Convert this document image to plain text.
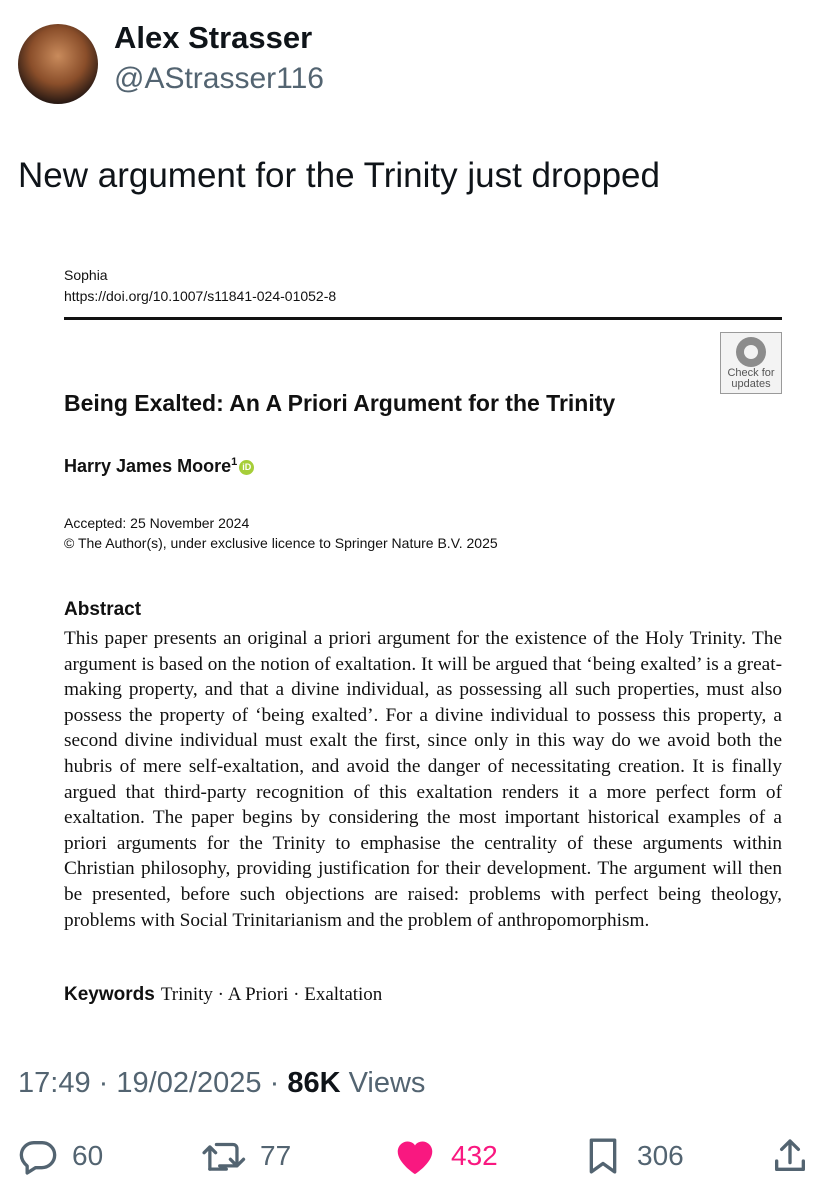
Alex Strasser
@AStrasser116
New argument for the Trinity just dropped
Sophia
https://doi.org/10.1007/s11841-024-01052-8
Check for updates
Being Exalted: An A Priori Argument for the Trinity
Harry James Moore$^1$ iD
Accepted: 25 November 2024
© The Author(s), under exclusive licence to Springer Nature B.V. 2025
Abstract
This paper presents an original a priori argument for the existence of the Holy Trinity. The argument is based on the notion of exaltation. It will be argued that ‘being exalted’ is a great-making property, and that a divine individual, as possessing all such properties, must also possess the property of ‘being exalted’. For a divine individual to possess this property, a second divine individual must exalt the first, since only in this way do we avoid both the hubris of mere self-exaltation, and avoid the danger of necessitating creation. It is finally argued that third-party recognition of this exaltation renders it a more perfect form of exaltation. The paper begins by considering the most important historical examples of a priori arguments for the Trinity to emphasise the centrality of these arguments within Christian philosophy, providing justification for their development. The argument will then be presented, before such objections are raised: problems with perfect being theology, problems with Social Trinitarianism and the problem of anthropomorphism.
Keywords Trinity · A Priori · Exaltation
17:49 · 19/02/2025 · 86K Views
60	77	432	306
